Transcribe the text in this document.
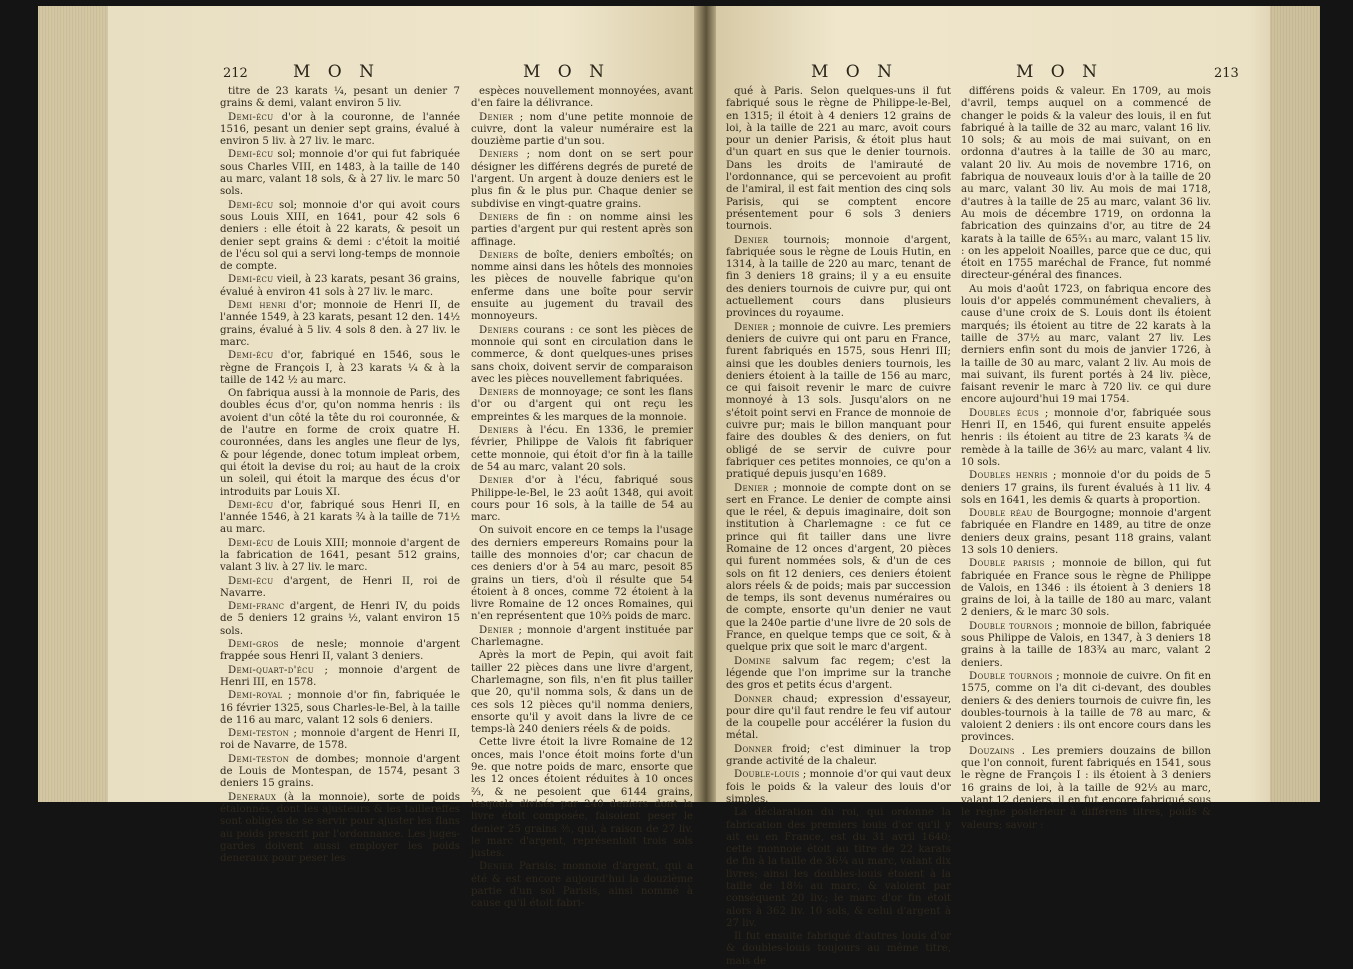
212	M O N	M O N

titre de 23 karats ¼, pesant un denier 7 grains & demi, valant environ 5 liv.

Demi-écu d'or à la couronne, de l'année 1516, pesant un denier sept grains, évalué à environ 5 liv. à 27 liv. le marc.

Demi-écu sol; monnoie d'or qui fut fabriquée sous Charles VIII, en 1483, à la taille de 140 au marc, valant 18 sols, & à 27 liv. le marc 50 sols.

Demi-écu sol; monnoie d'or qui avoit cours sous Louis XIII, en 1641, pour 42 sols 6 deniers : elle étoit à 22 karats, & pesoit un denier sept grains & demi : c'étoit la moitié de l'écu sol qui a servi long-temps de monnoie de compte.

Demi-écu vieil, à 23 karats, pesant 36 grains, évalué à environ 41 sols à 27 liv. le marc.

Demi henri d'or; monnoie de Henri II, de l'année 1549, à 23 karats, pesant 12 den. 14½ grains, évalué à 5 liv. 4 sols 8 den. à 27 liv. le marc.

Demi-écu d'or, fabriqué en 1546, sous le règne de François I, à 23 karats ¼ & à la taille de 142 ½ au marc.

On fabriqua aussi à la monnoie de Paris, des doubles écus d'or, qu'on nomma henris : ils avoient d'un côté la tête du roi couronnée, & de l'autre en forme de croix quatre H. couronnées, dans les angles une fleur de lys, & pour légende, donec totum impleat orbem, qui étoit la devise du roi; au haut de la croix un soleil, qui étoit la marque des écus d'or introduits par Louis XI.

Demi-écu d'or, fabriqué sous Henri II, en l'année 1546, à 21 karats ¾ à la taille de 71½ au marc.

Demi-écu de Louis XIII; monnoie d'argent de la fabrication de 1641, pesant 512 grains, valant 3 liv. à 27 liv. le marc.

Demi-écu d'argent, de Henri II, roi de Navarre.

Demi-franc d'argent, de Henri IV, du poids de 5 deniers 12 grains ½, valant environ 15 sols.

Demi-gros de nesle; monnoie d'argent frappée sous Henri II, valant 3 deniers.

Demi-quart-d'écu ; monnoie d'argent de Henri III, en 1578.

Demi-royal ; monnoie d'or fin, fabriquée le 16 février 1325, sous Charles-le-Bel, à la taille de 116 au marc, valant 12 sols 6 deniers.

Demi-teston ; monnoie d'argent de Henri II, roi de Navarre, de 1578.

Demi-teston de dombes; monnoie d'argent de Louis de Montespan, de 1574, pesant 3 deniers 15 grains.

Deneraux (à la monnoie), sorte de poids étalonnés, dont les ajusteurs & les taillereffes sont obligés de se servir pour ajuster les flans au poids prescrit par l'ordonnance. Les juges-gardes doivent aussi employer les poids deneraux pour peser les

espèces nouvellement monnoyées, avant d'en faire la délivrance.

Denier ; nom d'une petite monnoie de cuivre, dont la valeur numéraire est la douzième partie d'un sou.

Deniers ; nom dont on se sert pour désigner les différens degrés de pureté de l'argent. Un argent à douze deniers est le plus fin & le plus pur. Chaque denier se subdivise en vingt-quatre grains.

Deniers de fin : on nomme ainsi les parties d'argent pur qui restent après son affinage.

Deniers de boîte, deniers emboîtés; on nomme ainsi dans les hôtels des monnoies les pièces de nouvelle fabrique qu'on enferme dans une boîte pour servir ensuite au jugement du travail des monnoyeurs.

Deniers courans : ce sont les pièces de monnoie qui sont en circulation dans le commerce, & dont quelques-unes prises sans choix, doivent servir de comparaison avec les pièces nouvellement fabriquées.

Deniers de monnoyage; ce sont les flans d'or ou d'argent qui ont reçu les empreintes & les marques de la monnoie.

Deniers à l'écu. En 1336, le premier février, Philippe de Valois fit fabriquer cette monnoie, qui étoit d'or fin à la taille de 54 au marc, valant 20 sols.

Denier d'or à l'écu, fabriqué sous Philippe-le-Bel, le 23 août 1348, qui avoit cours pour 16 sols, à la taille de 54 au marc.

On suivoit encore en ce temps la l'usage des derniers empereurs Romains pour la taille des monnoies d'or; car chacun de ces deniers d'or à 54 au marc, pesoit 85 grains un tiers, d'où il résulte que 54 étoient à 8 onces, comme 72 étoient à la livre Romaine de 12 onces Romaines, qui n'en représentent que 10⅔ poids de marc.

Denier ; monnoie d'argent instituée par Charlemagne.

Après la mort de Pepin, qui avoit fait tailler 22 pièces dans une livre d'argent, Charlemagne, son fils, n'en fit plus tailler que 20, qu'il nomma sols, & dans un de ces sols 12 pièces qu'il nomma deniers, ensorte qu'il y avoit dans la livre de ce temps-là 240 deniers réels & de poids.

Cette livre étoit la livre Romaine de 12 onces, mais l'once étoit moins forte d'un 9e. que notre poids de marc, ensorte que les 12 onces étoient réduites à 10 onces ⅔, & ne pesoient que 6144 grains, lesquels divisés par 240 deniers dont la livre étoit composée, faisoient peser le denier 25 grains ⅗, qui, à raison de 27 liv. le marc d'argent, représentoit trois sols justes.

Denier Parisis; monnoie d'argent, qui a été & est encore aujourd'hui la douzième partie d'un sol Parisis, ainsi nommé à cause qu'il étoit fabri-

M O N	M O N	213

qué à Paris. Selon quelques-uns il fut fabriqué sous le règne de Philippe-le-Bel, en 1315; il étoit à 4 deniers 12 grains de loi, à la taille de 221 au marc, avoit cours pour un denier Parisis, & étoit plus haut d'un quart en sus que le denier tournois. Dans les droits de l'amirauté de l'ordonnance, qui se percevoient au profit de l'amiral, il est fait mention des cinq sols Parisis, qui se comptent encore présentement pour 6 sols 3 deniers tournois.

Denier tournois; monnoie d'argent, fabriquée sous le règne de Louis Hutin, en 1314, à la taille de 220 au marc, tenant de fin 3 deniers 18 grains; il y a eu ensuite des deniers tournois de cuivre pur, qui ont actuellement cours dans plusieurs provinces du royaume.

Denier ; monnoie de cuivre. Les premiers deniers de cuivre qui ont paru en France, furent fabriqués en 1575, sous Henri III; ainsi que les doubles deniers tournois, les deniers étoient à la taille de 156 au marc, ce qui faisoit revenir le marc de cuivre monnoyé à 13 sols. Jusqu'alors on ne s'étoit point servi en France de monnoie de cuivre pur; mais le billon manquant pour faire des doubles & des deniers, on fut obligé de se servir de cuivre pour fabriquer ces petites monnoies, ce qu'on a pratiqué depuis jusqu'en 1689.

Denier ; monnoie de compte dont on se sert en France. Le denier de compte ainsi que le réel, & depuis imaginaire, doit son institution à Charlemagne : ce fut ce prince qui fit tailler dans une livre Romaine de 12 onces d'argent, 20 pièces qui furent nommées sols, & d'un de ces sols on fit 12 deniers, ces deniers étoient alors réels & de poids; mais par succession de temps, ils sont devenus numéraires ou de compte, ensorte qu'un denier ne vaut que la 240e partie d'une livre de 20 sols de France, en quelque temps que ce soit, & à quelque prix que soit le marc d'argent.

Domine salvum fac regem; c'est la légende que l'on imprime sur la tranche des gros et petits écus d'argent.

Donner chaud; expression d'essayeur, pour dire qu'il faut rendre le feu vif autour de la coupelle pour accélérer la fusion du métal.

Donner froid; c'est diminuer la trop grande activité de la chaleur.

Double-louis ; monnoie d'or qui vaut deux fois le poids & la valeur des louis d'or simples.

La déclaration du roi, qui ordonne la fabrication des premiers louis d'or qu'il y ait eu en France, est du 31 avril 1640; cette monnoie étoit au titre de 22 karats de fin à la taille de 36¼ au marc, valant dix livres; ainsi les doubles-louis étoient à la taille de 18⅛ au marc, & valoient par conséquent 20 liv.; le marc d'or fin étoit alors à 362 liv. 10 sols, & celui d'argent à 27 liv.

Il fut ensuite fabriqué d'autres louis d'or & doubles-louis toujours au même titre, mais de

différens poids & valeur. En 1709, au mois d'avril, temps auquel on a commencé de changer le poids & la valeur des louis, il en fut fabriqué à la taille de 32 au marc, valant 16 liv. 10 sols; & au mois de mai suivant, on en ordonna d'autres à la taille de 30 au marc, valant 20 liv. Au mois de novembre 1716, on fabriqua de nouveaux louis d'or à la taille de 20 au marc, valant 30 liv. Au mois de mai 1718, d'autres à la taille de 25 au marc, valant 36 liv. Au mois de décembre 1719, on ordonna la fabrication des quinzains d'or, au titre de 24 karats à la taille de 65⁵⁄₁₁ au marc, valant 15 liv. : on les appeloit Noailles, parce que ce duc, qui étoit en 1755 maréchal de France, fut nommé directeur-général des finances.

Au mois d'août 1723, on fabriqua encore des louis d'or appelés communément chevaliers, à cause d'une croix de S. Louis dont ils étoient marqués; ils étoient au titre de 22 karats à la taille de 37½ au marc, valant 27 liv. Les derniers enfin sont du mois de janvier 1726, à la taille de 30 au marc, valant 2 liv. Au mois de mai suivant, ils furent portés à 24 liv. pièce, faisant revenir le marc à 720 liv. ce qui dure encore aujourd'hui 19 mai 1754.

Doubles écus ; monnoie d'or, fabriquée sous Henri II, en 1546, qui furent ensuite appelés henris : ils étoient au titre de 23 karats ¾ de remède à la taille de 36½ au marc, valant 4 liv. 10 sols.

Doubles henris ; monnoie d'or du poids de 5 deniers 17 grains, ils furent évalués à 11 liv. 4 sols en 1641, les demis & quarts à proportion.

Double réau de Bourgogne; monnoie d'argent fabriquée en Flandre en 1489, au titre de onze deniers deux grains, pesant 118 grains, valant 13 sols 10 deniers.

Double parisis ; monnoie de billon, qui fut fabriquée en France sous le règne de Philippe de Valois, en 1346 : ils étoient à 3 deniers 18 grains de loi, à la taille de 180 au marc, valant 2 deniers, & le marc 30 sols.

Double tournois ; monnoie de billon, fabriquée sous Philippe de Valois, en 1347, à 3 deniers 18 grains à la taille de 183¾ au marc, valant 2 deniers.

Double tournois ; monnoie de cuivre. On fit en 1575, comme on l'a dit ci-devant, des doubles deniers & des deniers tournois de cuivre fin, les doubles-tournois à la taille de 78 au marc, & valoient 2 deniers : ils ont encore cours dans les provinces.

Douzains . Les premiers douzains de billon que l'on connoit, furent fabriqués en 1541, sous le règne de François I : ils étoient à 3 deniers 16 grains de loi, à la taille de 92⅓ au marc, valant 12 deniers, il en fut encore fabriqué sous le règne postérieur à différens titres, poids & valeurs; savoir :
